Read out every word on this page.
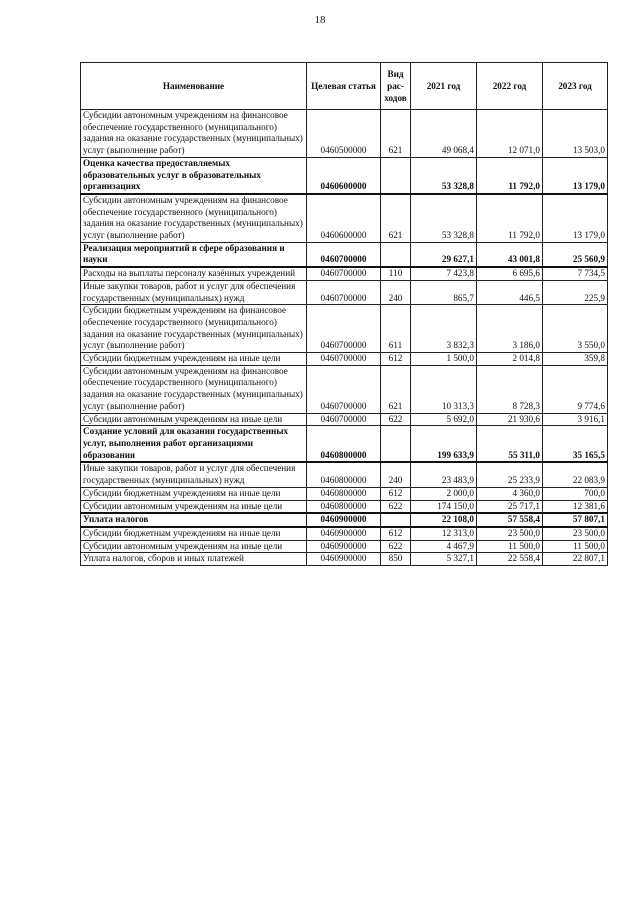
18
Наименование	Целевая статья	Вид рас-ходов	2021 год	2022 год	2023 год
Субсидии автономным учреждениям на финансовое обеспечение государственного (муниципального) задания на оказание государственных (муниципальных) услуг (выполнение работ)	0460500000	621	49 068,4	12 071,0	13 503,0
Оценка качества предоставляемых образовательных услуг в образовательных организациях	0460600000		53 328,8	11 792,0	13 179,0
Субсидии автономным учреждениям на финансовое обеспечение государственного (муниципального) задания на оказание государственных (муниципальных) услуг (выполнение работ)	0460600000	621	53 328,8	11 792,0	13 179,0
Реализация мероприятий в сфере образования и науки	0460700000		29 627,1	43 001,8	25 560,9
Расходы на выплаты персоналу казённых учреждений	0460700000	110	7 423,8	6 695,6	7 734,5
Иные закупки товаров, работ и услуг для обеспечения государственных (муниципальных) нужд	0460700000	240	865,7	446,5	225,9
Субсидии бюджетным учреждениям на финансовое обеспечение государственного (муниципального) задания на оказание государственных (муниципальных) услуг (выполнение работ)	0460700000	611	3 832,3	3 186,0	3 550,0
Субсидии бюджетным учреждениям на иные цели	0460700000	612	1 500,0	2 014,8	359,8
Субсидии автономным учреждениям на финансовое обеспечение государственного (муниципального) задания на оказание государственных (муниципальных) услуг (выполнение работ)	0460700000	621	10 313,3	8 728,3	9 774,6
Субсидии автономным учреждениям на иные цели	0460700000	622	5 692,0	21 930,6	3 916,1
Создание условий для оказания государственных услуг, выполнения работ организациями образования	0460800000		199 633,9	55 311,0	35 165,5
Иные закупки товаров, работ и услуг для обеспечения государственных (муниципальных) нужд	0460800000	240	23 483,9	25 233,9	22 083,9
Субсидии бюджетным учреждениям на иные цели	0460800000	612	2 000,0	4 360,0	700,0
Субсидии автономным учреждениям на иные цели	0460800000	622	174 150,0	25 717,1	12 381,6
Уплата налогов	0460900000		22 108,0	57 558,4	57 807,1
Субсидии бюджетным учреждениям на иные цели	0460900000	612	12 313,0	23 500,0	23 500,0
Субсидии автономным учреждениям на иные цели	0460900000	622	4 467,9	11 500,0	11 500,0
Уплата налогов, сборов и иных платежей	0460900000	850	5 327,1	22 558,4	22 807,1
